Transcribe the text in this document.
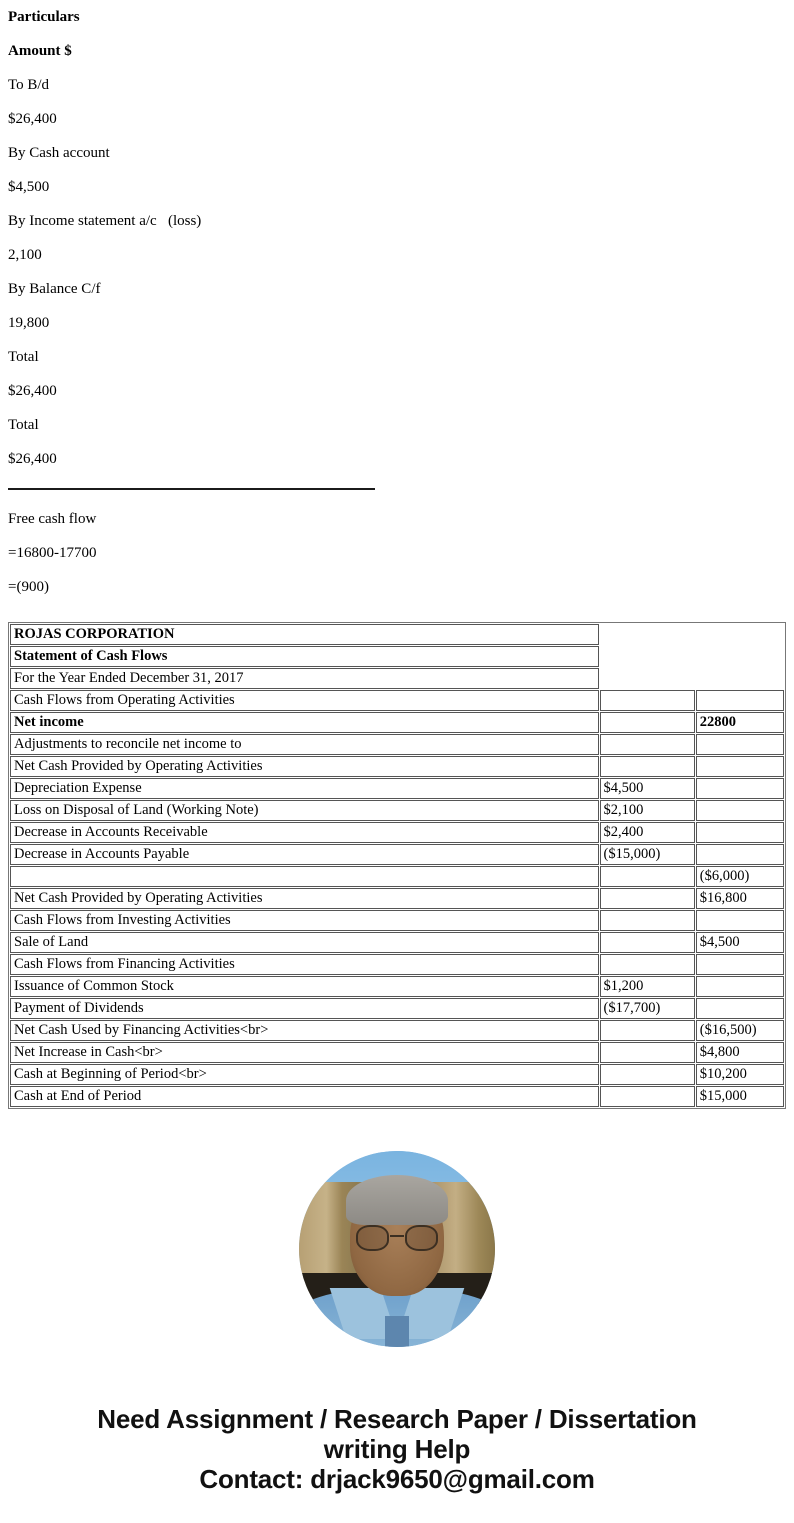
Particulars

Amount $

To B/d

$26,400

By Cash account

$4,500

By Income statement a/c   (loss)

2,100

By Balance C/f

19,800

Total

$26,400

Total

$26,400

Free cash flow

=16800-17700

=(900)

ROJAS CORPORATION		
Statement of Cash Flows		
For the Year Ended December 31, 2017		
Cash Flows from Operating Activities		
Net income		22800
Adjustments to reconcile net income to		
Net Cash Provided by Operating Activities		
Depreciation Expense	$4,500	
Loss on Disposal of Land (Working Note)	$2,100	
Decrease in Accounts Receivable	$2,400	
Decrease in Accounts Payable	($15,000)	
		($6,000)
Net Cash Provided by Operating Activities		$16,800
Cash Flows from Investing Activities		
Sale of Land		$4,500
Cash Flows from Financing Activities		
Issuance of Common Stock	$1,200	
Payment of Dividends	($17,700)	
Net Cash Used by Financing Activities<br>		($16,500)
Net Increase in Cash<br>		$4,800
Cash at Beginning of Period<br>		$10,200
Cash at End of Period		$15,000
Need Assignment / Research Paper / Dissertation
writing Help
Contact: drjack9650@gmail.com
